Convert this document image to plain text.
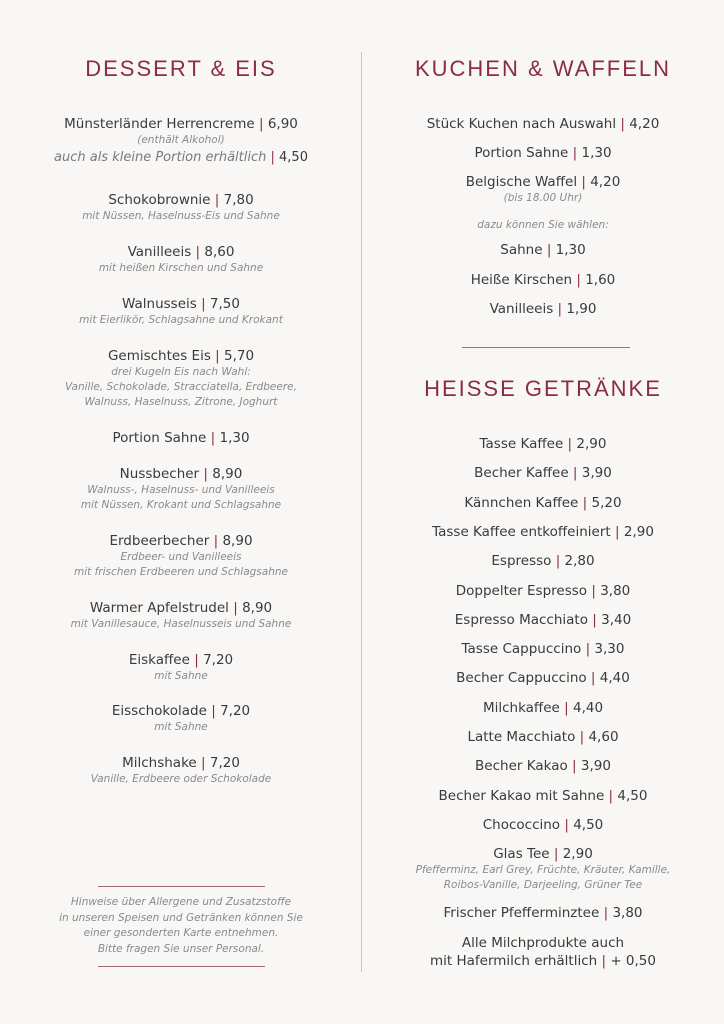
DESSERT & EIS	KUCHEN & WAFFELN
HEISSE GETRÄNKE
Hinweise über Allergene und Zusatzstoffe
in unseren Speisen und Getränken können Sie
einer gesonderten Karte entnehmen.
Bitte fragen Sie unser Personal.
Münsterländer Herrencreme | 6,90
(enthält Alkohol)
auch als kleine Portion erhältlich | 4,50
Schokobrownie | 7,80
mit Nüssen, Haselnuss-Eis und Sahne
Vanilleeis | 8,60
mit heißen Kirschen und Sahne
Walnusseis | 7,50
mit Eierlikör, Schlagsahne und Krokant
Gemischtes Eis | 5,70
drei Kugeln Eis nach Wahl:
Vanille, Schokolade, Stracciatella, Erdbeere,
Walnuss, Haselnuss, Zitrone, Joghurt
Portion Sahne | 1,30
Nussbecher | 8,90
Walnuss-, Haselnuss- und Vanilleeis
mit Nüssen, Krokant und Schlagsahne
Erdbeerbecher | 8,90
Erdbeer- und Vanilleeis
mit frischen Erdbeeren und Schlagsahne
Warmer Apfelstrudel | 8,90
mit Vanillesauce, Haselnusseis und Sahne
Eiskaffee | 7,20
mit Sahne
Eisschokolade | 7,20
mit Sahne
Milchshake | 7,20
Vanille, Erdbeere oder Schokolade
Stück Kuchen nach Auswahl | 4,20
Portion Sahne | 1,30
Belgische Waffel | 4,20
(bis 18.00 Uhr)
dazu können Sie wählen:
Sahne | 1,30
Heiße Kirschen | 1,60
Vanilleeis | 1,90
Tasse Kaffee | 2,90
Becher Kaffee | 3,90
Kännchen Kaffee | 5,20
Tasse Kaffee entkoffeiniert | 2,90
Espresso | 2,80
Doppelter Espresso | 3,80
Espresso Macchiato | 3,40
Tasse Cappuccino | 3,30
Becher Cappuccino | 4,40
Milchkaffee | 4,40
Latte Macchiato | 4,60
Becher Kakao | 3,90
Becher Kakao mit Sahne | 4,50
Chococcino | 4,50
Glas Tee | 2,90
Pfefferminz, Earl Grey, Früchte, Kräuter, Kamille,
Roibos-Vanille, Darjeeling, Grüner Tee
Frischer Pfefferminztee | 3,80
Alle Milchprodukte auch
mit Hafermilch erhältlich | + 0,50
